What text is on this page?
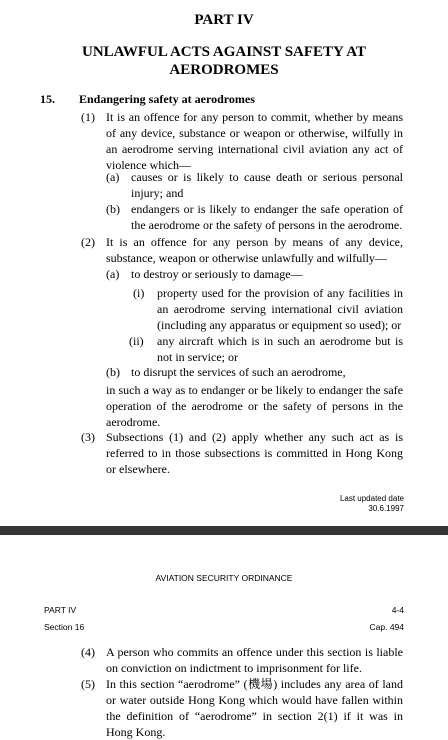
PART IV
UNLAWFUL ACTS AGAINST SAFETY AT
AERODROMES
15. Endangering safety at aerodromes
(1) It is an offence for any person to commit, whether by means of any device, substance or weapon or otherwise, wilfully in an aerodrome serving international civil aviation any act of violence which—
(a) causes or is likely to cause death or serious personal injury; and
(b) endangers or is likely to endanger the safe operation of the aerodrome or the safety of persons in the aerodrome.
(2) It is an offence for any person by means of any device, substance, weapon or otherwise unlawfully and wilfully—
(a) to destroy or seriously to damage—
(i) property used for the provision of any facilities in an aerodrome serving international civil aviation (including any apparatus or equipment so used); or
(ii) any aircraft which is in such an aerodrome but is not in service; or
(b) to disrupt the services of such an aerodrome,
in such a way as to endanger or be likely to endanger the safe operation of the aerodrome or the safety of persons in the aerodrome.
(3) Subsections (1) and (2) apply whether any such act as is referred to in those subsections is committed in Hong Kong or elsewhere.
Last updated date
30.6.1997
AVIATION SECURITY ORDINANCE
PART IV	4-4
Section 16	Cap. 494
(4) A person who commits an offence under this section is liable on conviction on indictment to imprisonment for life.
(5) In this section “aerodrome” (機場) includes any area of land or water outside Hong Kong which would have fallen within the definition of “aerodrome” in section 2(1) if it was in Hong Kong.
